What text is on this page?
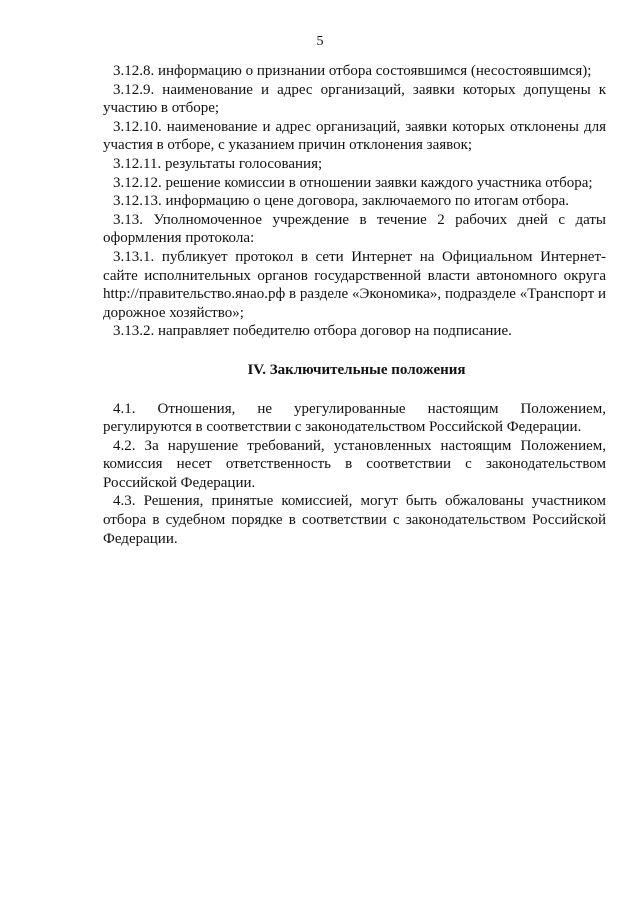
5

3.12.8. информацию о признании отбора состоявшимся (несостоявшимся);

3.12.9. наименование и адрес организаций, заявки которых допущены к участию в отборе;

3.12.10. наименование и адрес организаций, заявки которых отклонены для участия в отборе, с указанием причин отклонения заявок;

3.12.11. результаты голосования;

3.12.12. решение комиссии в отношении заявки каждого участника отбора;

3.12.13. информацию о цене договора, заключаемого по итогам отбора.

3.13. Уполномоченное учреждение в течение 2 рабочих дней с даты оформления протокола:

3.13.1. публикует протокол в сети Интернет на Официальном Интернет-сайте исполнительных органов государственной власти автономного округа http://правительство.янао.рф в разделе «Экономика», подразделе «Транспорт и дорожное хозяйство»;

3.13.2. направляет победителю отбора договор на подписание.

IV. Заключительные положения

4.1. Отношения, не урегулированные настоящим Положением, регулируются в соответствии с законодательством Российской Федерации.

4.2. За нарушение требований, установленных настоящим Положением, комиссия несет ответственность в соответствии с законодательством Российской Федерации.

4.3. Решения, принятые комиссией, могут быть обжалованы участником отбора в судебном порядке в соответствии с законодательством Российской Федерации.
